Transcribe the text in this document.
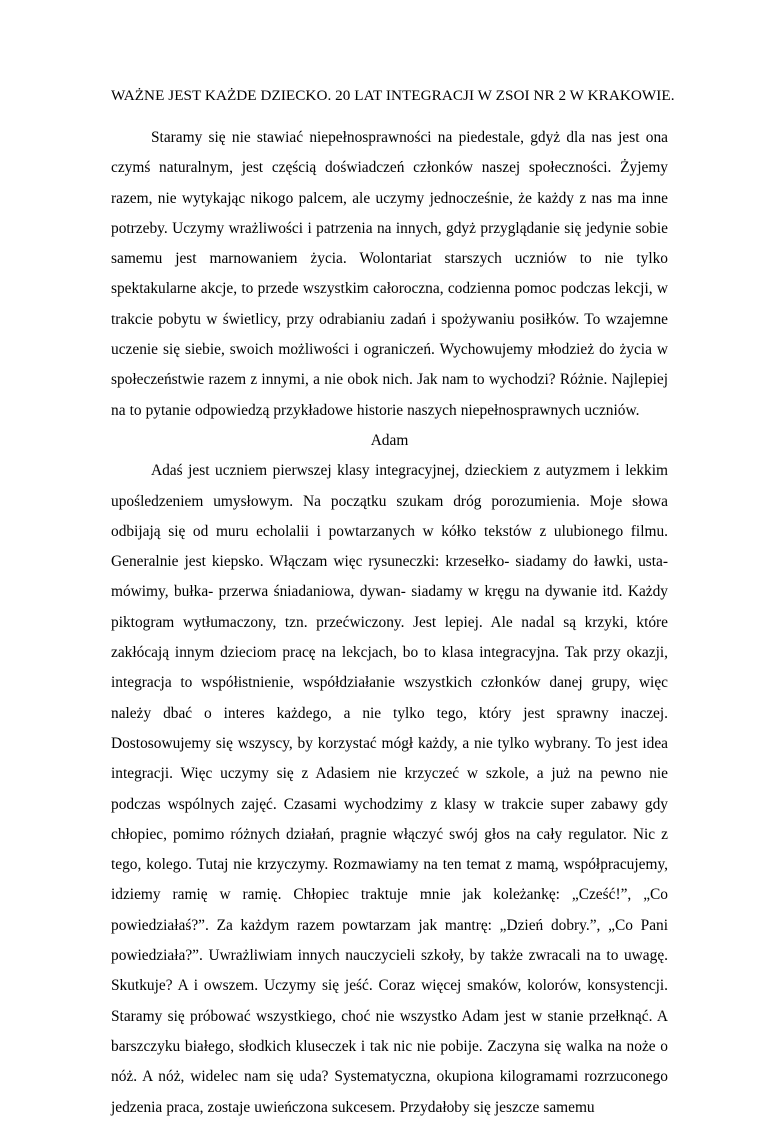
WAŻNE JEST KAŻDE DZIECKO. 20 LAT INTEGRACJI W ZSOI NR 2 W KRAKOWIE.

Staramy się nie stawiać niepełnosprawności na piedestale, gdyż dla nas jest ona czymś naturalnym, jest częścią doświadczeń członków naszej społeczności. Żyjemy razem, nie wytykając nikogo palcem, ale uczymy jednocześnie, że każdy z nas ma inne potrzeby. Uczymy wrażliwości i patrzenia na innych, gdyż przyglądanie się jedynie sobie samemu jest marnowaniem życia. Wolontariat starszych uczniów to nie tylko spektakularne akcje, to przede wszystkim całoroczna, codzienna pomoc podczas lekcji, w trakcie pobytu w świetlicy, przy odrabianiu zadań i spożywaniu posiłków. To wzajemne uczenie się siebie, swoich możliwości i ograniczeń. Wychowujemy młodzież do życia w społeczeństwie razem z innymi, a nie obok nich. Jak nam to wychodzi? Różnie. Najlepiej na to pytanie odpowiedzą przykładowe historie naszych niepełnosprawnych uczniów.

Adam

Adaś jest uczniem pierwszej klasy integracyjnej, dzieckiem z autyzmem i lekkim upośledzeniem umysłowym. Na początku szukam dróg porozumienia. Moje słowa odbijają się od muru echolalii i powtarzanych w kółko tekstów z ulubionego filmu. Generalnie jest kiepsko. Włączam więc rysuneczki: krzesełko- siadamy do ławki, usta- mówimy, bułka- przerwa śniadaniowa, dywan- siadamy w kręgu na dywanie itd. Każdy piktogram wytłumaczony, tzn. przećwiczony. Jest lepiej. Ale nadal są krzyki, które zakłócają innym dzieciom pracę na lekcjach, bo to klasa integracyjna. Tak przy okazji, integracja to współistnienie, współdziałanie wszystkich członków danej grupy, więc należy dbać o interes każdego, a nie tylko tego, który jest sprawny inaczej. Dostosowujemy się wszyscy, by korzystać mógł każdy, a nie tylko wybrany. To jest idea integracji. Więc uczymy się z Adasiem nie krzyczeć w szkole, a już na pewno nie podczas wspólnych zajęć. Czasami wychodzimy z klasy w trakcie super zabawy gdy chłopiec, pomimo różnych działań, pragnie włączyć swój głos na cały regulator. Nic z tego, kolego. Tutaj nie krzyczymy. Rozmawiamy na ten temat z mamą, współpracujemy, idziemy ramię w ramię. Chłopiec traktuje mnie jak koleżankę: „Cześć!”, „Co powiedziałaś?”. Za każdym razem powtarzam jak mantrę: „Dzień dobry.”, „Co Pani powiedziała?”. Uwrażliwiam innych nauczycieli szkoły, by także zwracali na to uwagę. Skutkuje? A i owszem. Uczymy się jeść. Coraz więcej smaków, kolorów, konsystencji. Staramy się próbować wszystkiego, choć nie wszystko Adam jest w stanie przełknąć. A barszczyku białego, słodkich kluseczek i tak nic nie pobije. Zaczyna się walka na noże o nóż. A nóż, widelec nam się uda? Systematyczna, okupiona kilogramami rozrzuconego jedzenia praca, zostaje uwieńczona sukcesem. Przydałoby się jeszcze samemu
